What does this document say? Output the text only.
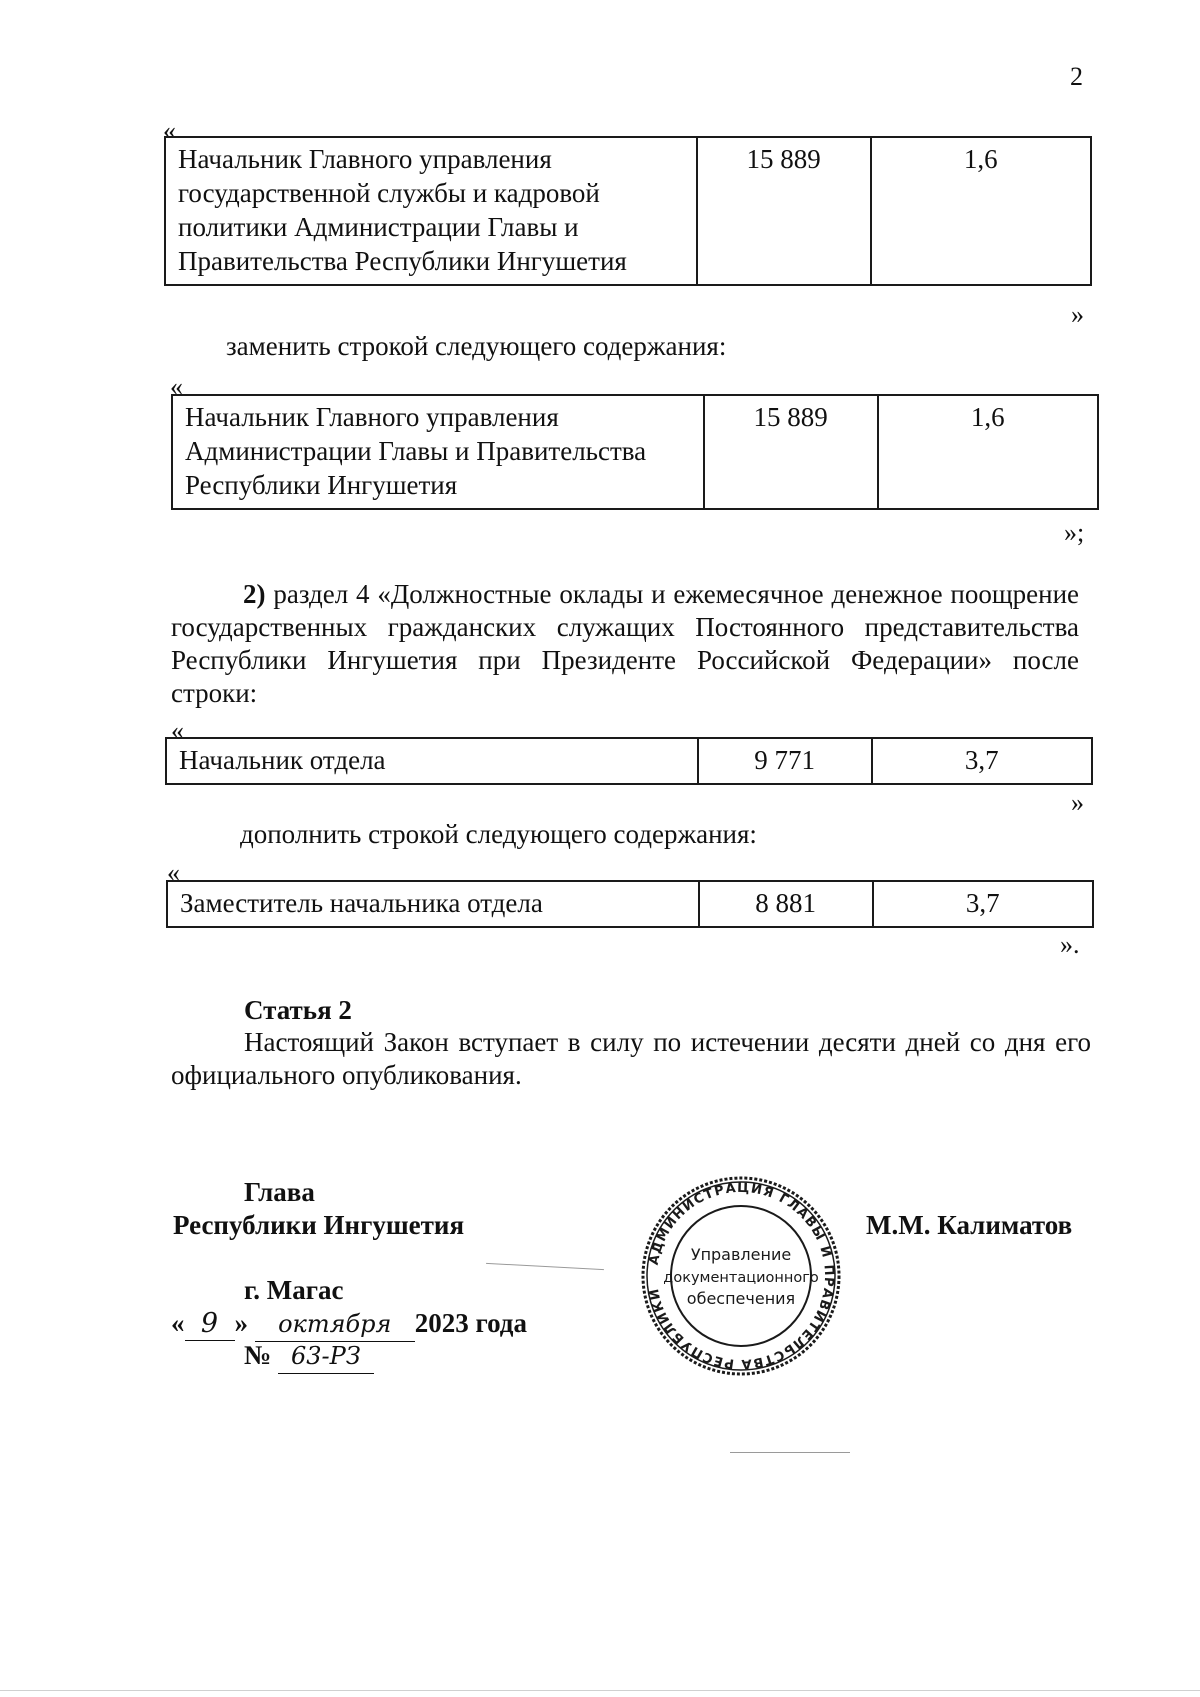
2
«
Начальник Главного управления государственной службы и кадровой политики Администрации Главы и Правительства Республики Ингушетия	15 889	1,6
»
заменить строкой следующего содержания:
«
Начальник Главного управления Администрации Главы и Правительства Республики Ингушетия	15 889	1,6
»;
2) раздел 4 «Должностные оклады и ежемесячное денежное поощрение государственных гражданских служащих Постоянного представительства Республики Ингушетия при Президенте Российской Федерации» после строки:
«
Начальник отдела	9 771	3,7
»
дополнить строкой следующего содержания:
«
Заместитель начальника отдела	8 881	3,7
».
Статья 2
Настоящий Закон вступает в силу по истечении десяти дней со дня его официального опубликования.
Глава
Республики Ингушетия
г. Магас
« 9 » октября 2023 года
№ 63-РЗ
АДМИНИСТРАЦИЯ ГЛАВЫ И ПРАВИТЕЛЬСТВА РЕСПУБЛИКИ
Управление
документационного
обеспечения
М.М. Калиматов
